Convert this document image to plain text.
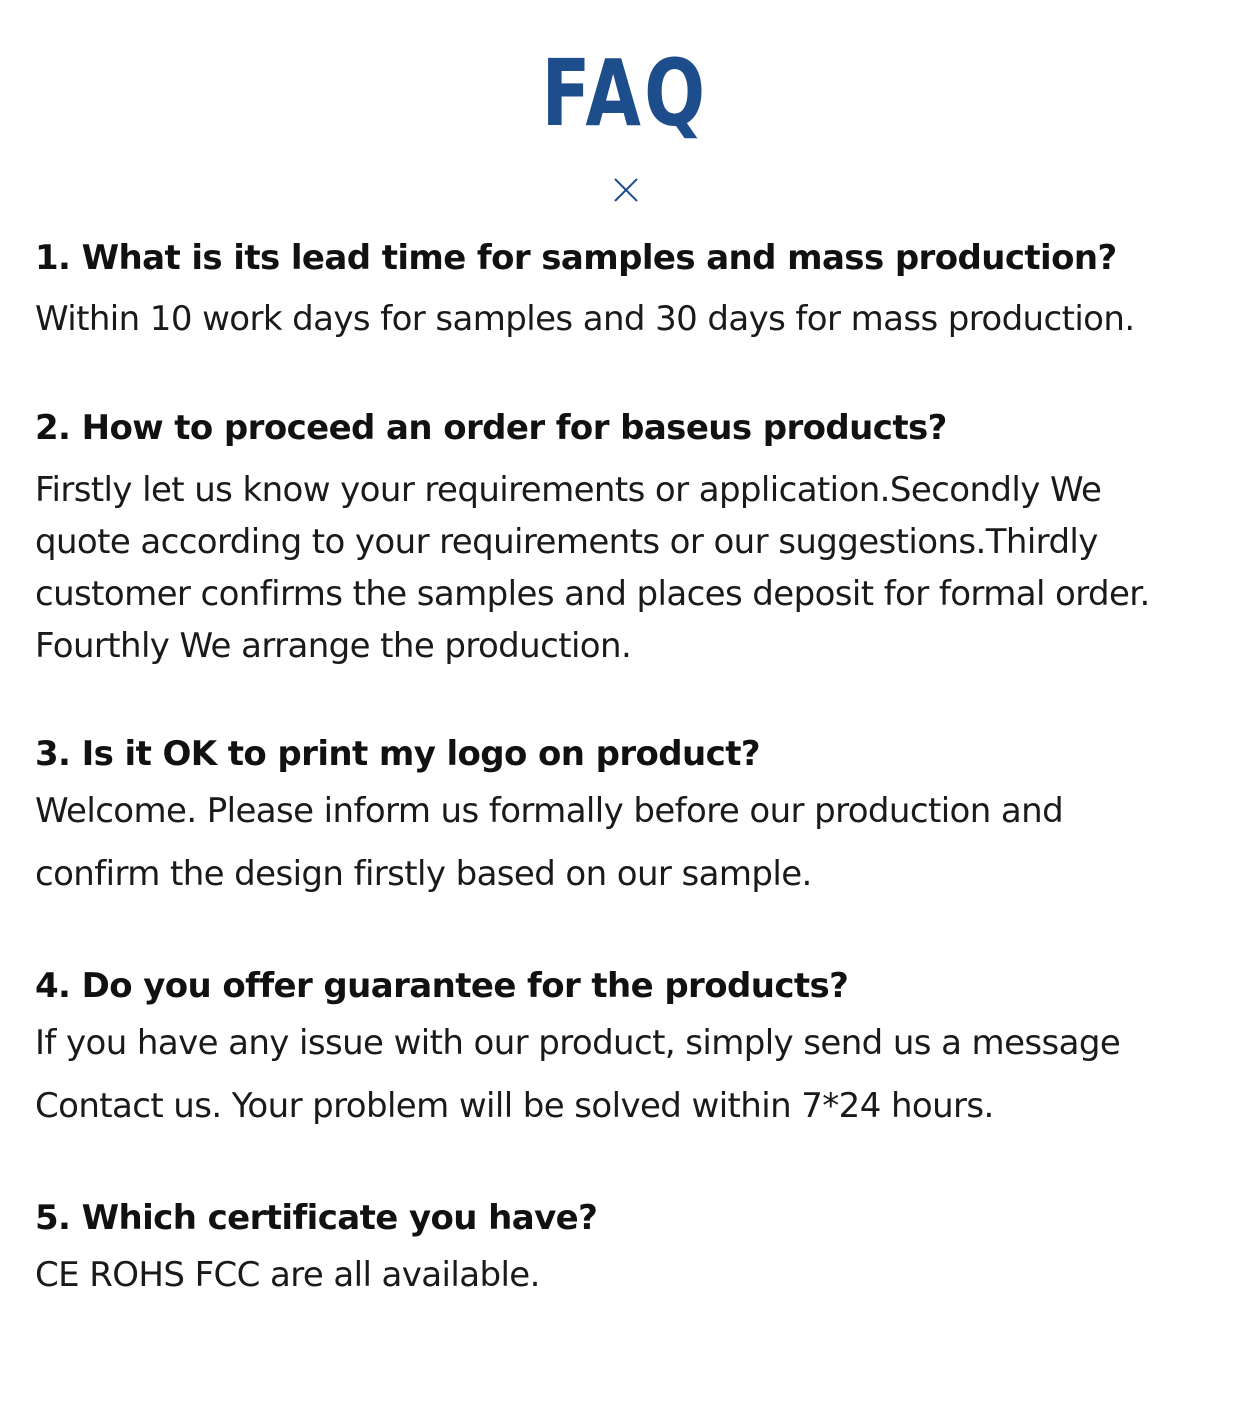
FAQ

1. What is its lead time for samples and mass production?

Within 10 work days for samples and 30 days for mass production.

2. How to proceed an order for baseus products?

Firstly let us know your requirements or application.Secondly We
quote according to your requirements or our suggestions.Thirdly
customer confirms the samples and places deposit for formal order.
Fourthly We arrange the production.

3. Is it OK to print my logo on product?

Welcome. Please inform us formally before our production and
confirm the design firstly based on our sample.

4. Do you offer guarantee for the products?

If you have any issue with our product, simply send us a message
Contact us. Your problem will be solved within 7*24 hours.

5. Which certificate you have?

CE ROHS FCC are all available.
